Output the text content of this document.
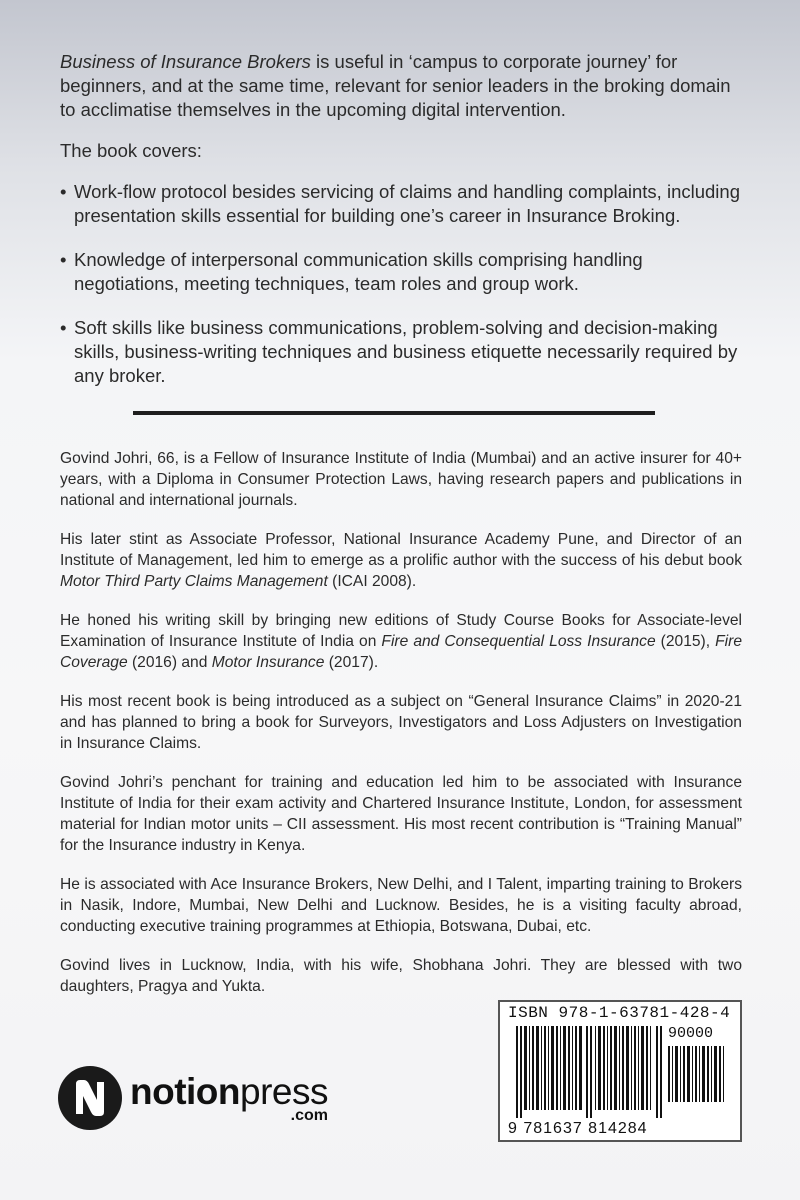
Business of Insurance Brokers is useful in ‘campus to corporate journey’ for beginners, and at the same time, relevant for senior leaders in the broking domain to acclimatise themselves in the upcoming digital intervention.

The book covers:

• Work-flow protocol besides servicing of claims and handling complaints, including presentation skills essential for building one’s career in Insurance Broking.
• Knowledge of interpersonal communication skills comprising handling negotiations, meeting techniques, team roles and group work.
• Soft skills like business communications, problem-solving and decision-making skills, business-writing techniques and business etiquette necessarily required by any broker.

Govind Johri, 66, is a Fellow of Insurance Institute of India (Mumbai) and an active insurer for 40+ years, with a Diploma in Consumer Protection Laws, having research papers and publications in national and international journals.

His later stint as Associate Professor, National Insurance Academy Pune, and Director of an Institute of Management, led him to emerge as a prolific author with the success of his debut book Motor Third Party Claims Management (ICAI 2008).

He honed his writing skill by bringing new editions of Study Course Books for Associate-level Examination of Insurance Institute of India on Fire and Consequential Loss Insurance (2015), Fire Coverage (2016) and Motor Insurance (2017).

His most recent book is being introduced as a subject on “General Insurance Claims” in 2020-21 and has planned to bring a book for Surveyors, Investigators and Loss Adjusters on Investigation in Insurance Claims.

Govind Johri’s penchant for training and education led him to be associated with Insurance Institute of India for their exam activity and Chartered Insurance Institute, London, for assessment material for Indian motor units – CII assessment. His most recent contribution is “Training Manual” for the Insurance industry in Kenya.

He is associated with Ace Insurance Brokers, New Delhi, and I Talent, imparting training to Brokers in Nasik, Indore, Mumbai, New Delhi and Lucknow. Besides, he is a visiting faculty abroad, conducting executive training programmes at Ethiopia, Botswana, Dubai, etc.

Govind lives in Lucknow, India, with his wife, Shobhana Johri. They are blessed with two daughters, Pragya and Yukta.

notionpress
.com
ISBN 978-1-63781-428-4
90000
9 781637 814284
